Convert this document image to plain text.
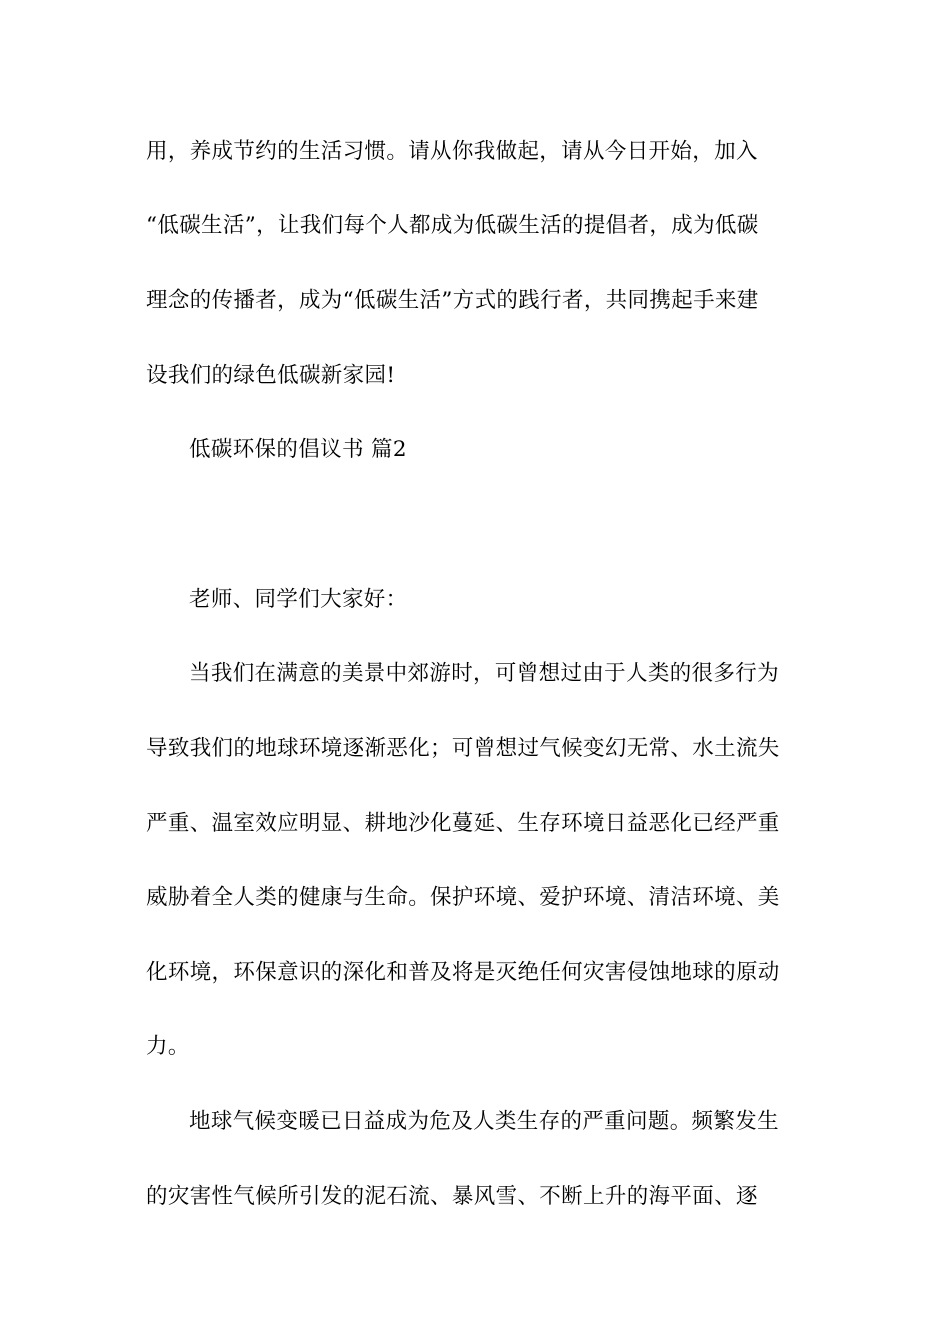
用，养成节约的生活习惯。请从你我做起，请从今日开始，加入
“低碳生活”，让我们每个人都成为低碳生活的提倡者，成为低碳
理念的传播者，成为“低碳生活”方式的践行者，共同携起手来建
设我们的绿色低碳新家园!
低碳环保的倡议书 篇2
老师、同学们大家好：
当我们在满意的美景中郊游时，可曾想过由于人类的很多行为
导致我们的地球环境逐渐恶化；可曾想过气候变幻无常、水土流失
严重、温室效应明显、耕地沙化蔓延、生存环境日益恶化已经严重
威胁着全人类的健康与生命。保护环境、爱护环境、清洁环境、美
化环境，环保意识的深化和普及将是灭绝任何灾害侵蚀地球的原动
力。
地球气候变暖已日益成为危及人类生存的严重问题。频繁发生
的灾害性气候所引发的泥石流、暴风雪、不断上升的海平面、逐
